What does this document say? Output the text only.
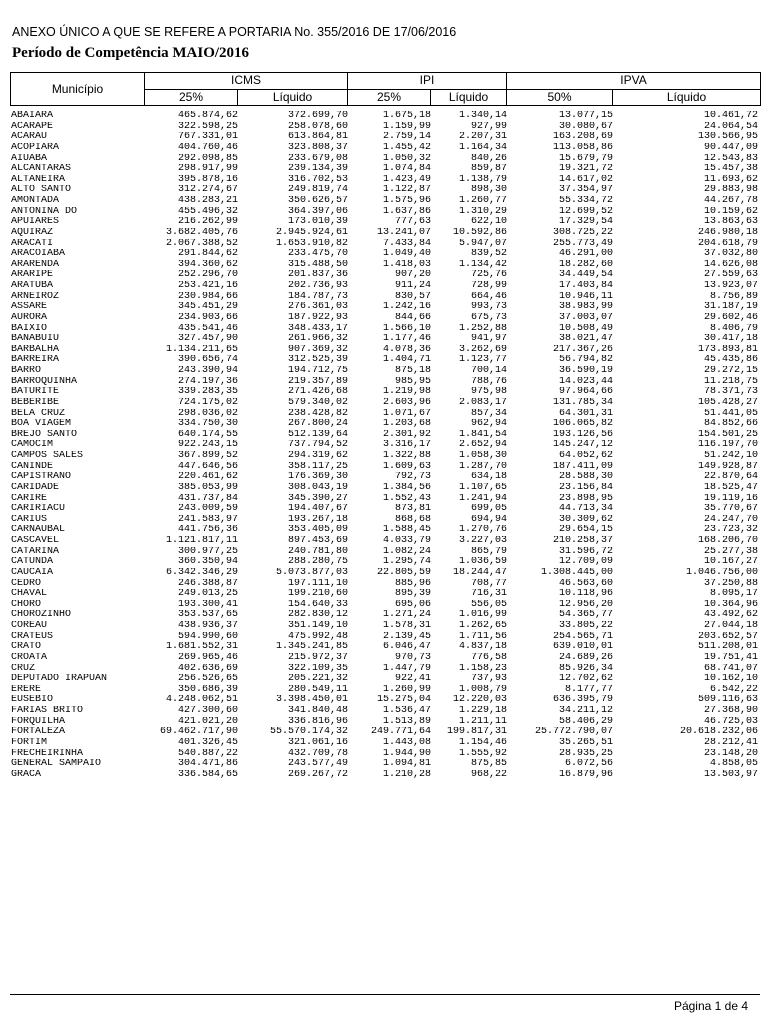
ANEXO ÚNICO A QUE SE REFERE A PORTARIA No. 355/2016 DE 17/06/2016
Período de Competência MAIO/2016
Município	ICMS		IPI		IPVA	
	25%	Líquido	25%	Líquido	50%	Líquido
ABAIARA	465.874,62	372.699,70	1.675,18	1.340,14	13.077,15	10.461,72
ACARAPE	322.598,25	258.078,60	1.159,99	927,99	30.080,67	24.064,54
ACARAU	767.331,01	613.864,81	2.759,14	2.207,31	163.208,69	130.566,95
ACOPIARA	404.760,46	323.808,37	1.455,42	1.164,34	113.058,86	90.447,09
AIUABA	292.098,85	233.679,08	1.050,32	840,26	15.679,79	12.543,83
ALCANTARAS	298.917,99	239.134,39	1.074,84	859,87	19.321,72	15.457,38
ALTANEIRA	395.878,16	316.702,53	1.423,49	1.138,79	14.617,02	11.693,62
ALTO SANTO	312.274,67	249.819,74	1.122,87	898,30	37.354,97	29.883,98
AMONTADA	438.283,21	350.626,57	1.575,96	1.260,77	55.334,72	44.267,78
ANTONINA DO	455.496,32	364.397,06	1.637,86	1.310,29	12.699,52	10.159,62
APUIARES	216.262,99	173.010,39	777,63	622,10	17.329,54	13.863,63
AQUIRAZ	3.682.405,76	2.945.924,61	13.241,07	10.592,86	308.725,22	246.980,18
ARACATI	2.067.388,52	1.653.910,82	7.433,84	5.947,07	255.773,49	204.618,79
ARACOIABA	291.844,62	233.475,70	1.049,40	839,52	46.291,00	37.032,80
ARARENDA	394.360,62	315.488,50	1.418,03	1.134,42	18.282,60	14.626,08
ARARIPE	252.296,70	201.837,36	907,20	725,76	34.449,54	27.559,63
ARATUBA	253.421,16	202.736,93	911,24	728,99	17.403,84	13.923,07
ARNEIROZ	230.984,66	184.787,73	830,57	664,46	10.946,11	8.756,89
ASSARE	345.451,29	276.361,03	1.242,16	993,73	38.983,99	31.187,19
AURORA	234.903,66	187.922,93	844,66	675,73	37.003,07	29.602,46
BAIXIO	435.541,46	348.433,17	1.566,10	1.252,88	10.508,49	8.406,79
BANABUIU	327.457,90	261.966,32	1.177,46	941,97	38.021,47	30.417,18
BARBALHA	1.134.211,65	907.369,32	4.078,36	3.262,69	217.367,26	173.893,81
BARREIRA	390.656,74	312.525,39	1.404,71	1.123,77	56.794,82	45.435,86
BARRO	243.390,94	194.712,75	875,18	700,14	36.590,19	29.272,15
BARROQUINHA	274.197,36	219.357,89	985,95	788,76	14.023,44	11.218,75
BATURITE	339.283,35	271.426,68	1.219,98	975,98	97.964,66	78.371,73
BEBERIBE	724.175,02	579.340,02	2.603,96	2.083,17	131.785,34	105.428,27
BELA CRUZ	298.036,02	238.428,82	1.071,67	857,34	64.301,31	51.441,05
BOA VIAGEM	334.750,30	267.800,24	1.203,68	962,94	106.065,82	84.852,66
BREJO SANTO	640.174,55	512.139,64	2.301,92	1.841,54	193.126,56	154.501,25
CAMOCIM	922.243,15	737.794,52	3.316,17	2.652,94	145.247,12	116.197,70
CAMPOS SALES	367.899,52	294.319,62	1.322,88	1.058,30	64.052,62	51.242,10
CANINDE	447.646,56	358.117,25	1.609,63	1.287,70	187.411,09	149.928,87
CAPISTRANO	220.461,62	176.369,30	792,73	634,18	28.588,30	22.870,64
CARIDADE	385.053,99	308.043,19	1.384,56	1.107,65	23.156,84	18.525,47
CARIRE	431.737,84	345.390,27	1.552,43	1.241,94	23.898,95	19.119,16
CARIRIACU	243.009,59	194.407,67	873,81	699,05	44.713,34	35.770,67
CARIUS	241.583,97	193.267,18	868,68	694,94	30.309,62	24.247,70
CARNAUBAL	441.756,36	353.405,09	1.588,45	1.270,76	29.654,15	23.723,32
CASCAVEL	1.121.817,11	897.453,69	4.033,79	3.227,03	210.258,37	168.206,70
CATARINA	300.977,25	240.781,80	1.082,24	865,79	31.596,72	25.277,38
CATUNDA	360.350,94	288.280,75	1.295,74	1.036,59	12.709,09	10.167,27
CAUCAIA	6.342.346,29	5.073.877,03	22.805,59	18.244,47	1.308.445,00	1.046.756,00
CEDRO	246.388,87	197.111,10	885,96	708,77	46.563,60	37.250,88
CHAVAL	249.013,25	199.210,60	895,39	716,31	10.118,96	8.095,17
CHORO	193.300,41	154.640,33	695,06	556,05	12.956,20	10.364,96
CHOROZINHO	353.537,65	282.830,12	1.271,24	1.016,99	54.365,77	43.492,62
COREAU	438.936,37	351.149,10	1.578,31	1.262,65	33.805,22	27.044,18
CRATEUS	594.990,60	475.992,48	2.139,45	1.711,56	254.565,71	203.652,57
CRATO	1.681.552,31	1.345.241,85	6.046,47	4.837,18	639.010,01	511.208,01
CROATA	269.965,46	215.972,37	970,73	776,58	24.689,26	19.751,41
CRUZ	402.636,69	322.109,35	1.447,79	1.158,23	85.926,34	68.741,07
DEPUTADO IRAPUAN	256.526,65	205.221,32	922,41	737,93	12.702,62	10.162,10
ERERE	350.686,39	280.549,11	1.260,99	1.008,79	8.177,77	6.542,22
EUSEBIO	4.248.062,51	3.398.450,01	15.275,04	12.220,03	636.395,79	509.116,63
FARIAS BRITO	427.300,60	341.840,48	1.536,47	1.229,18	34.211,12	27.368,90
FORQUILHA	421.021,20	336.816,96	1.513,89	1.211,11	58.406,29	46.725,03
FORTALEZA	69.462.717,90	55.570.174,32	249.771,64	199.817,31	25.772.790,07	20.618.232,06
FORTIM	401.326,45	321.061,16	1.443,08	1.154,46	35.265,51	28.212,41
FRECHEIRINHA	540.887,22	432.709,78	1.944,90	1.555,92	28.935,25	23.148,20
GENERAL SAMPAIO	304.471,86	243.577,49	1.094,81	875,85	6.072,56	4.858,05
GRACA	336.584,65	269.267,72	1.210,28	968,22	16.879,96	13.503,97
Página 1 de 4
